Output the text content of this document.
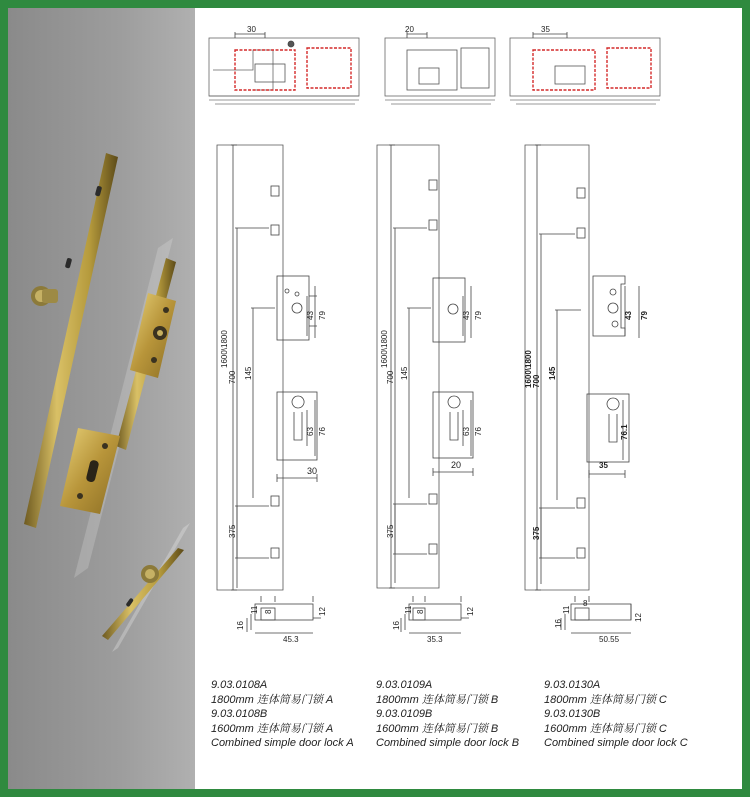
30
1600\1800
700 145
375
43 79
63 76
30
16
11 8	12
45.3
20
1600\1800
700 145
375
43 79
63 76
20
16
11 8	12
35.3
35
1600\1800 700
145
375
43 79
76.1
35
16
11
8
12
50.55
9.03.0108A
1800mm 连体简易门锁 A
9.03.0108B
1600mm 连体简易门锁 A
Combined simple door lock A
9.03.0109A
1800mm 连体简易门锁 B
9.03.0109B
1600mm 连体简易门锁 B
Combined simple door lock B
9.03.0130A
1800mm 连体简易门锁 C
9.03.0130B
1600mm 连体简易门锁 C
Combined simple door lock C
